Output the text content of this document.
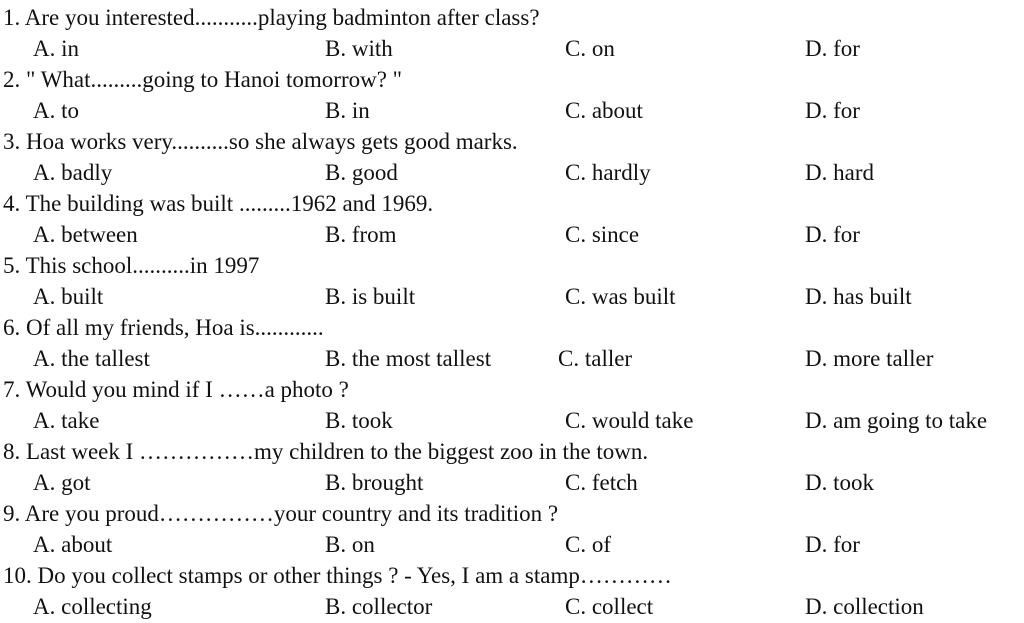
1. Are you interested...........playing badminton after class?
A. in	B. with	C. on	D. for
2. " What.........going to Hanoi tomorrow? "
A. to	B. in	C. about	D. for
3. Hoa works very..........so she always gets good marks.
A. badly	B. good	C. hardly	D. hard
4. The building was built .........1962 and 1969.
A. between	B. from	C. since	D. for
5. This school..........in 1997
A. built	B. is built	C. was built	D. has built
6. Of all my friends, Hoa is............
A. the tallest	B. the most tallest	C. taller	D. more taller
7. Would you mind if I ……a photo ?
A. take	B. took	C. would take	D. am going to take
8. Last week I ……………my children to the biggest zoo in the town.
A. got	B. brought	C. fetch	D. took
9. Are you proud……………your country and its tradition ?
A. about	B. on	C. of	D. for
10. Do you collect stamps or other things ? - Yes, I am a stamp…………
A. collecting	B. collector	C. collect	D. collection
